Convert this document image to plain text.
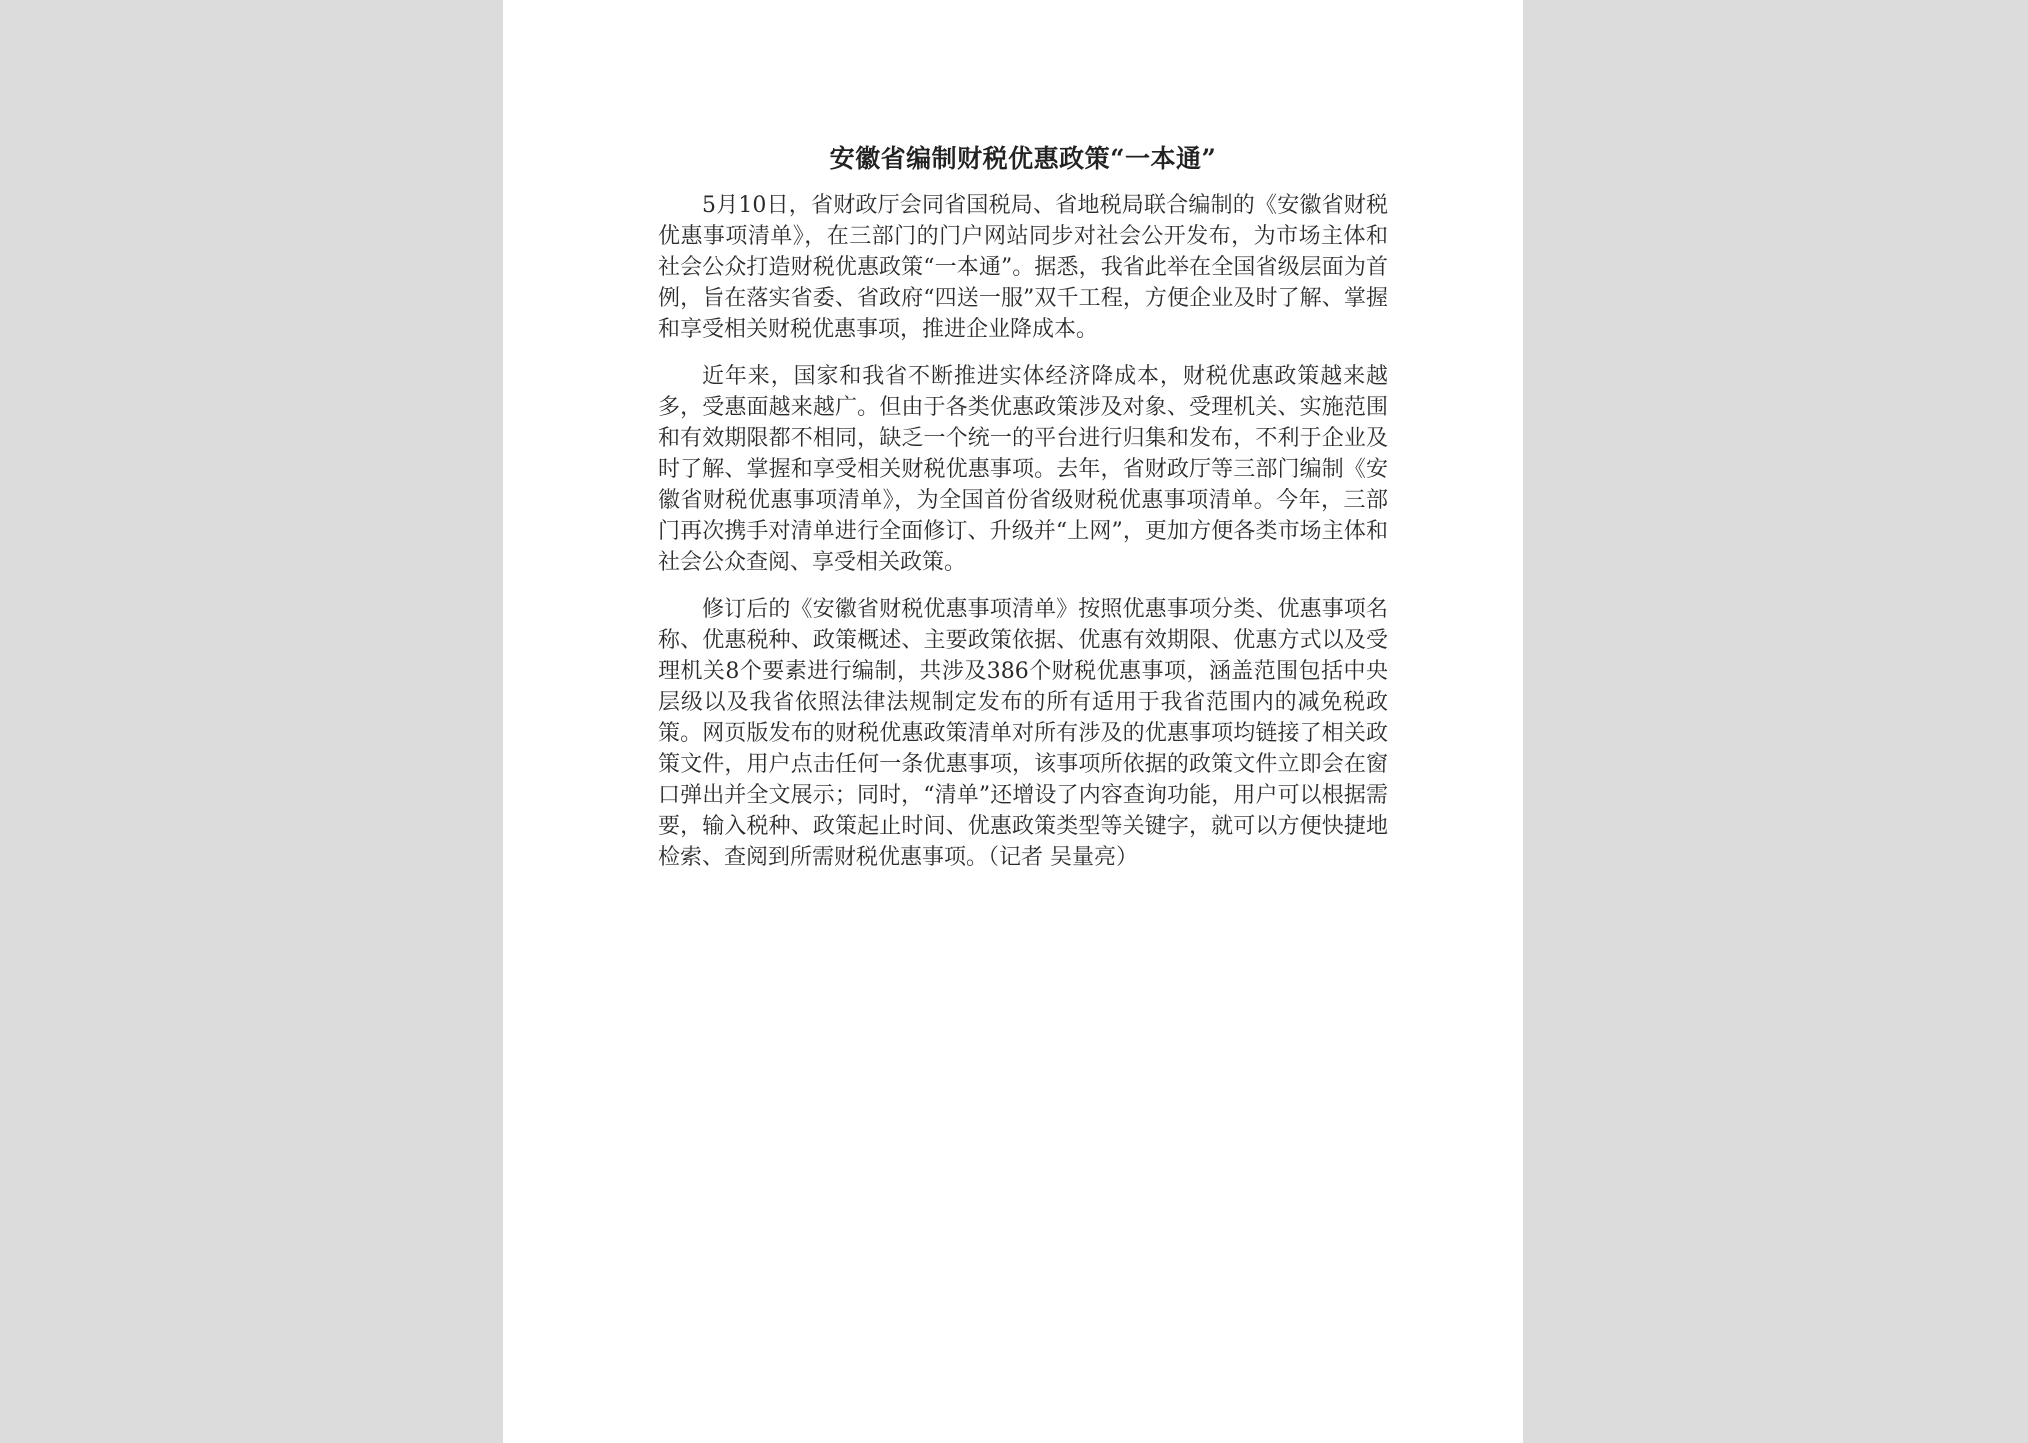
安徽省编制财税优惠政策“一本通”

5月10日，省财政厅会同省国税局、省地税局联合编制的《安徽省财税优惠事项清单》，在三部门的门户网站同步对社会公开发布，为市场主体和社会公众打造财税优惠政策“一本通”。据悉，我省此举在全国省级层面为首例，旨在落实省委、省政府“四送一服”双千工程，方便企业及时了解、掌握和享受相关财税优惠事项，推进企业降成本。

近年来，国家和我省不断推进实体经济降成本，财税优惠政策越来越多，受惠面越来越广。但由于各类优惠政策涉及对象、受理机关、实施范围和有效期限都不相同，缺乏一个统一的平台进行归集和发布，不利于企业及时了解、掌握和享受相关财税优惠事项。去年，省财政厅等三部门编制《安徽省财税优惠事项清单》，为全国首份省级财税优惠事项清单。今年，三部门再次携手对清单进行全面修订、升级并“上网”，更加方便各类市场主体和社会公众查阅、享受相关政策。

修订后的《安徽省财税优惠事项清单》按照优惠事项分类、优惠事项名称、优惠税种、政策概述、主要政策依据、优惠有效期限、优惠方式以及受理机关8个要素进行编制，共涉及386个财税优惠事项，涵盖范围包括中央层级以及我省依照法律法规制定发布的所有适用于我省范围内的减免税政策。网页版发布的财税优惠政策清单对所有涉及的优惠事项均链接了相关政策文件，用户点击任何一条优惠事项，该事项所依据的政策文件立即会在窗口弹出并全文展示；同时，“清单”还增设了内容查询功能，用户可以根据需要，输入税种、政策起止时间、优惠政策类型等关键字，就可以方便快捷地检索、查阅到所需财税优惠事项。（记者 吴量亮）
